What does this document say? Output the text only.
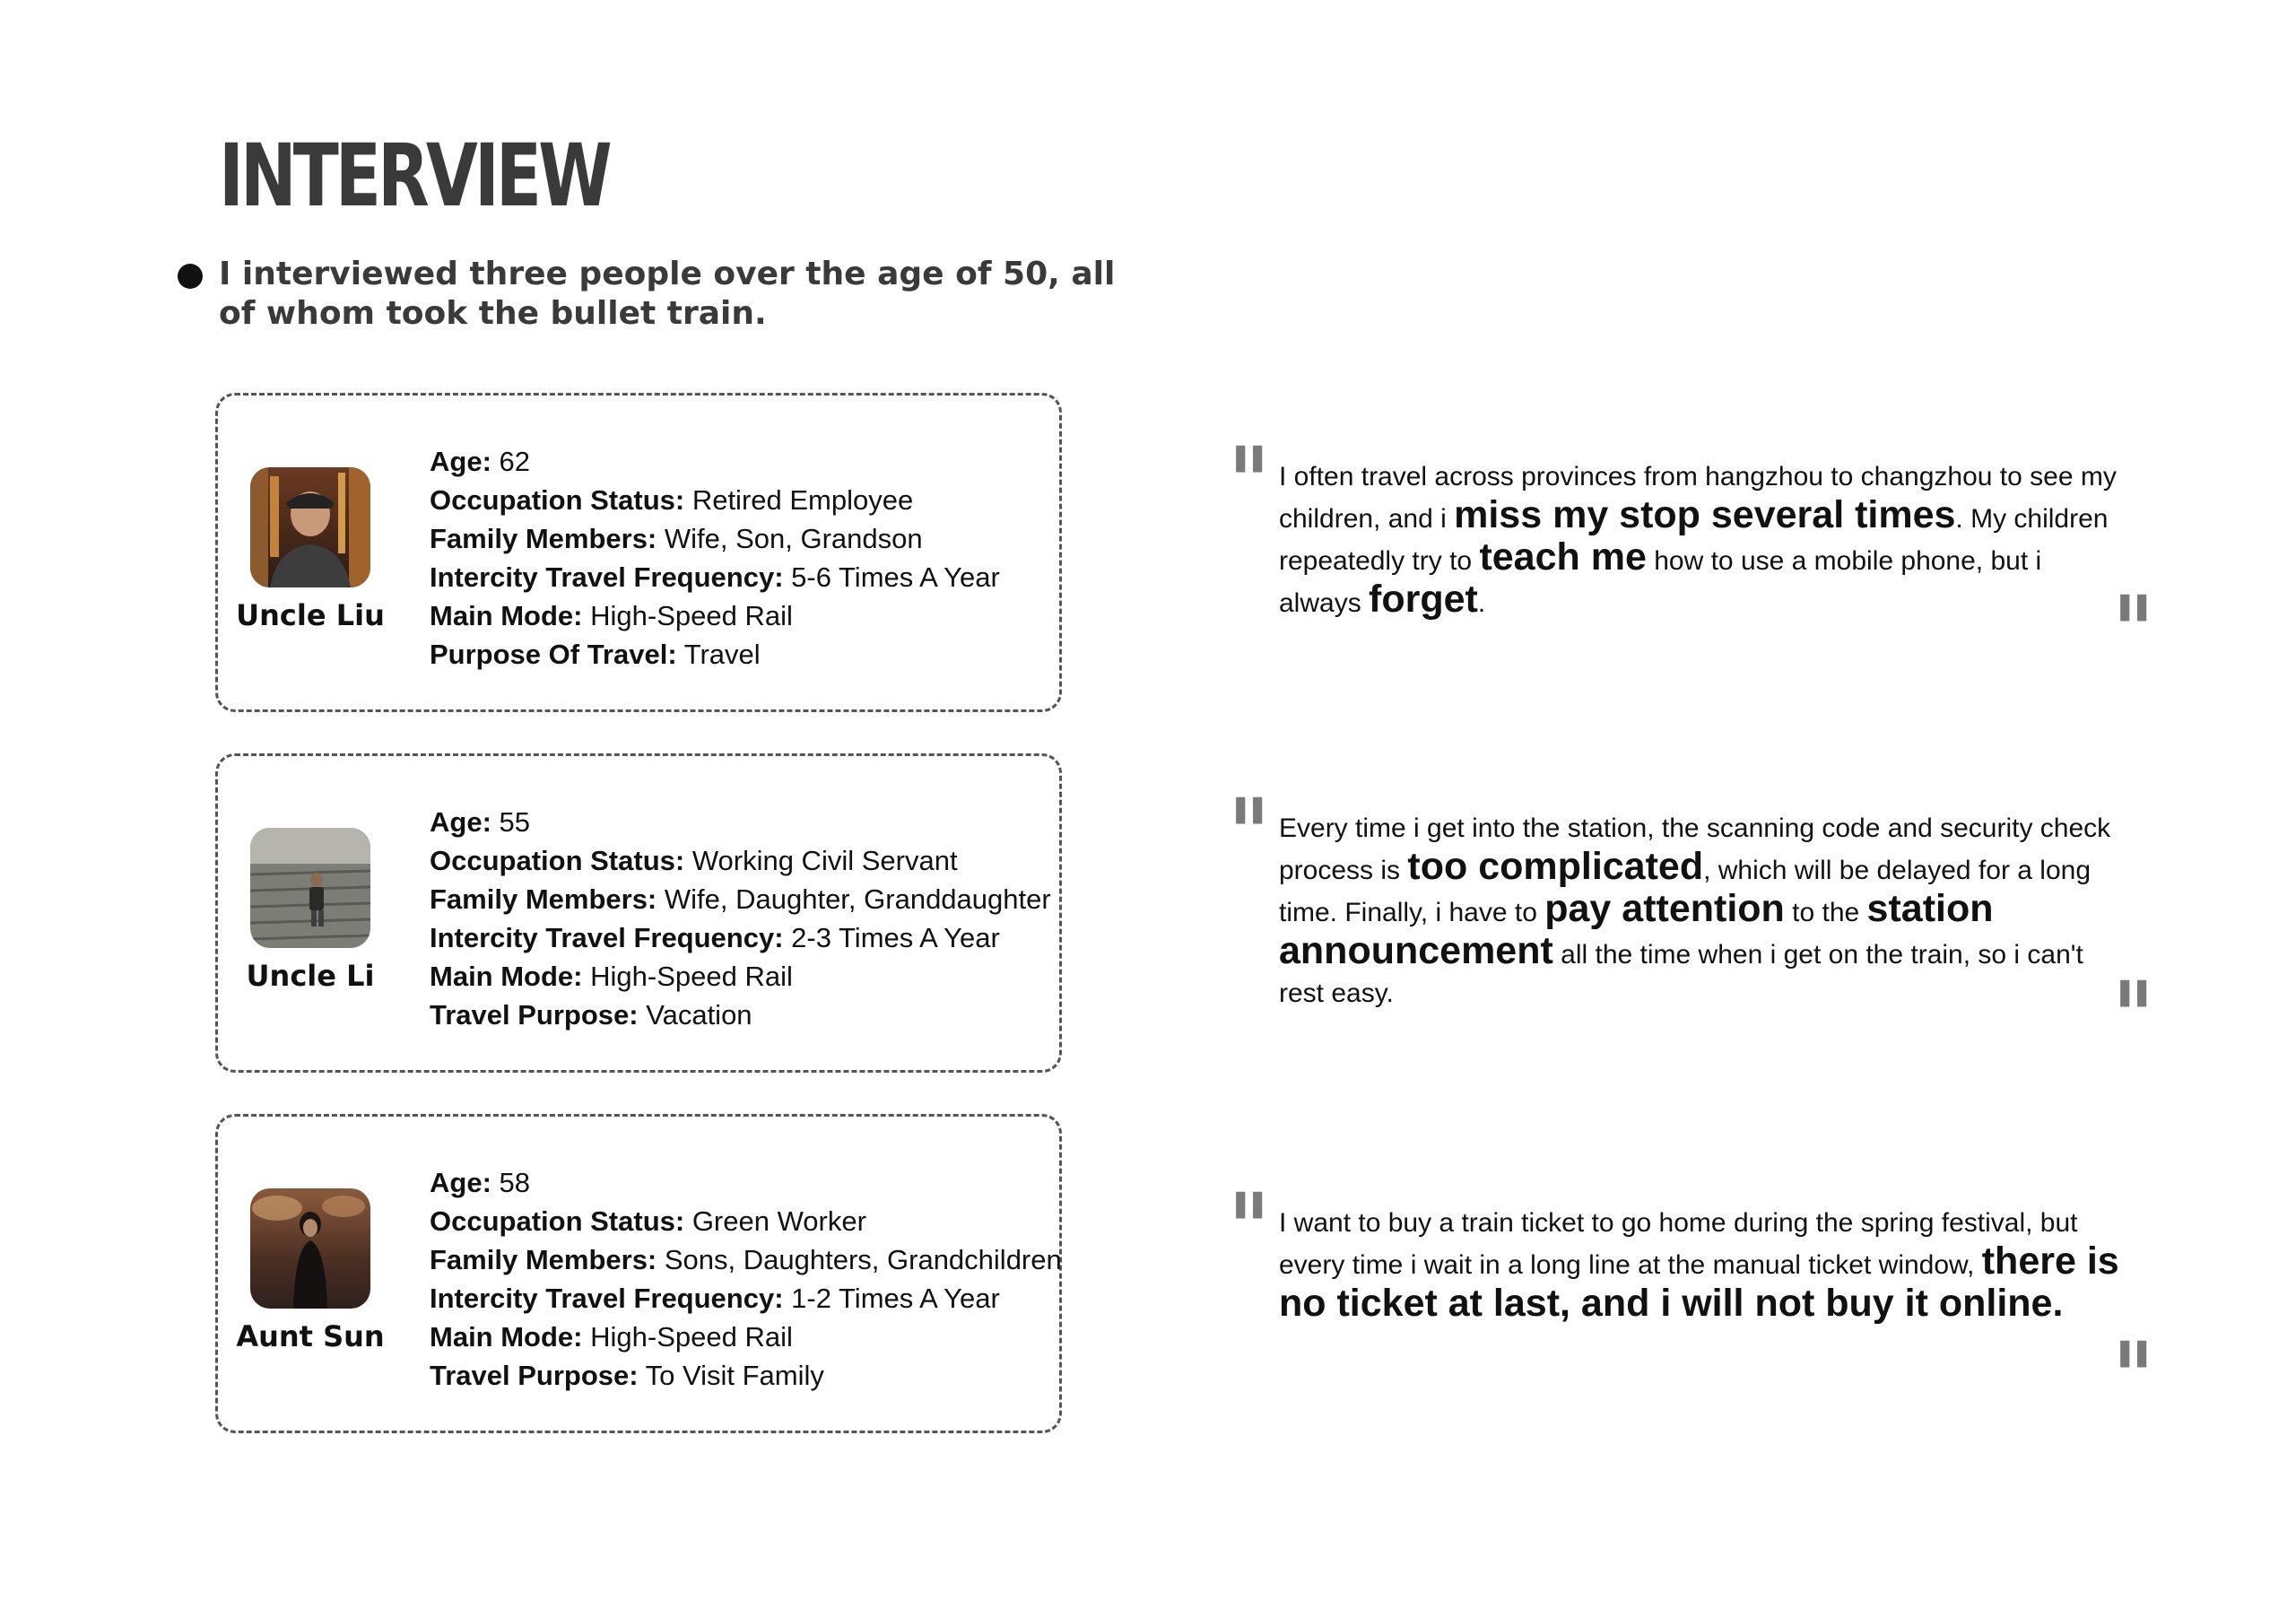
INTERVIEW
I interviewed three people over the age of 50, all of whom took the bullet train.
Uncle Liu
Age: 62
Occupation Status: Retired Employee
Family Members: Wife, Son, Grandson
Intercity Travel Frequency: 5-6 Times A Year
Main Mode: High-Speed Rail
Purpose Of Travel: Travel
Uncle Li
Age: 55
Occupation Status: Working Civil Servant
Family Members: Wife, Daughter, Granddaughter
Intercity Travel Frequency: 2-3 Times A Year
Main Mode: High-Speed Rail
Travel Purpose: Vacation
Aunt Sun
Age: 58
Occupation Status: Green Worker
Family Members: Sons, Daughters, Grandchildren
Intercity Travel Frequency: 1-2 Times A Year
Main Mode: High-Speed Rail
Travel Purpose: To Visit Family
" I often travel across provinces from hangzhou to changzhou to see my children, and i miss my stop several times. My children repeatedly try to teach me how to use a mobile phone, but i always forget.	"
" Every time i get into the station, the scanning code and security check process is too complicated, which will be delayed for a long time. Finally, i have to pay attention to the station announcement all the time when i get on the train, so i can't rest easy.	"
" I want to buy a train ticket to go home during the spring festival, but every time i wait in a long line at the manual ticket window, there is no ticket at last, and i will not buy it online.
"
